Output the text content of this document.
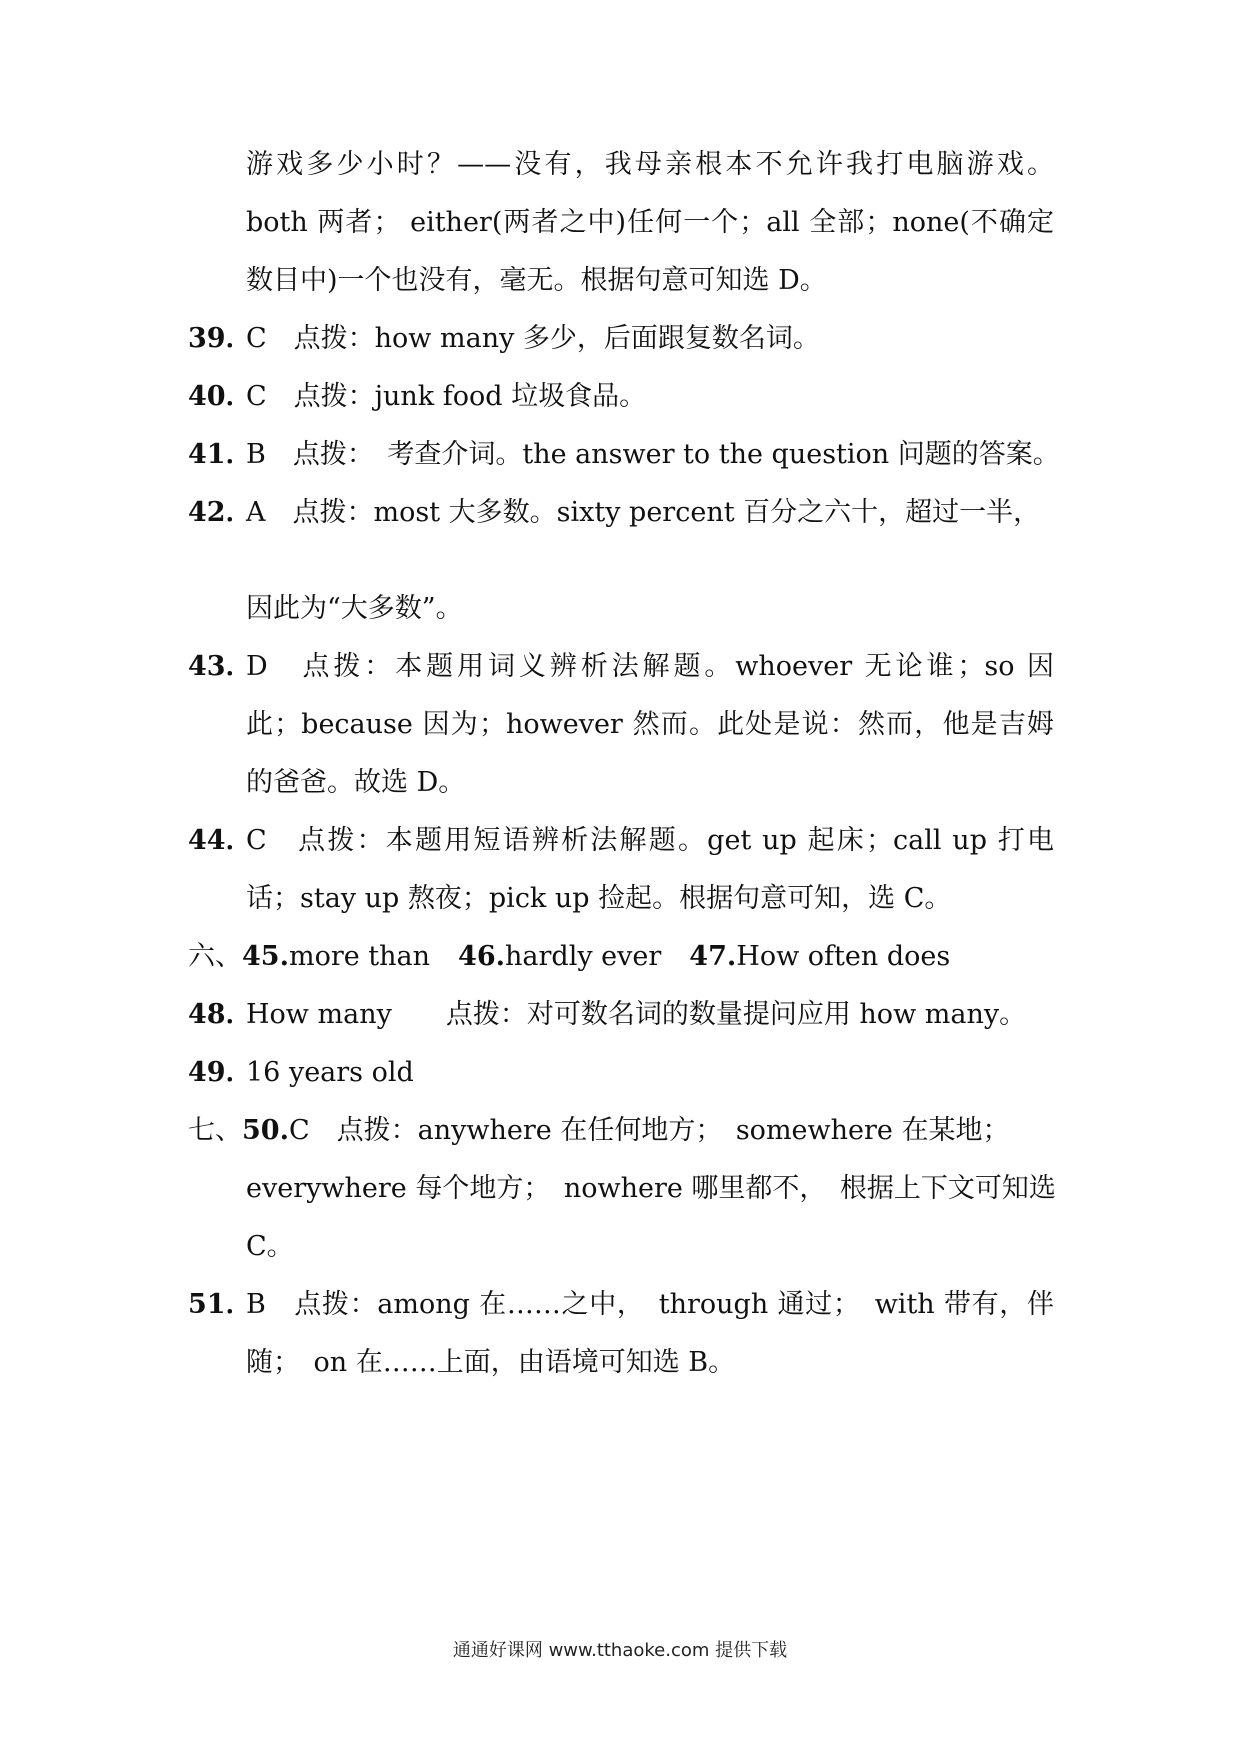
游戏多少小时？——没有，我母亲根本不允许我打电脑游戏。
both 两者； either(两者之中)任何一个；all 全部；none(不确定
数目中)一个也没有，毫无。根据句意可知选 D。
39．
C　点拨：how many 多少，后面跟复数名词。
40．
C　点拨：junk food 垃圾食品。
41．
B　点拨：　考查介词。the answer to the question 问题的答案。
42．
A　点拨：most 大多数。sixty percent 百分之六十，超过一半，
因此为“大多数”。
43．
D　点拨：本题用词义辨析法解题。whoever 无论谁；so 因
此；because 因为；however 然而。此处是说：然而，他是吉姆
的爸爸。故选 D。
44．
C　点拨：本题用短语辨析法解题。get up 起床；call up 打电
话；stay up 熬夜；pick up 捡起。根据句意可知，选 C。
六、45.more than 46.hardly ever 47.How often does
48．
How many　　点拨：对可数名词的数量提问应用 how many。
49．
16 years old
七、50.C　点拨：anywhere 在任何地方；　somewhere 在某地；
everywhere 每个地方；　nowhere 哪里都不，　根据上下文可知选
C。
51．
B　点拨：among 在……之中，　through 通过；　with 带有，伴
随；　on 在……上面，由语境可知选 B。
通通好课网 www.tthaoke.com 提供下载
